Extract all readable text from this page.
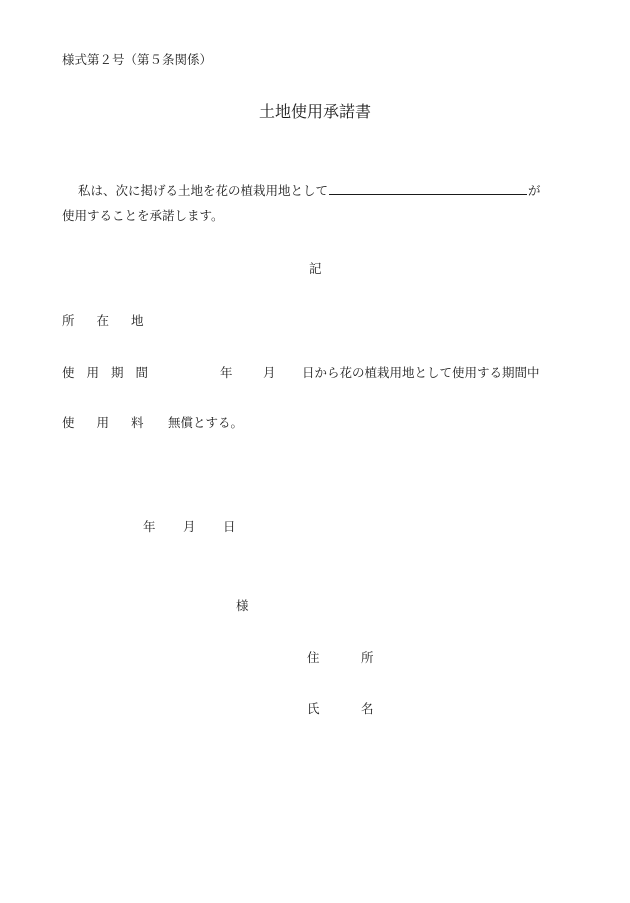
様式第２号（第５条関係）
土地使用承諾書
私は、次に掲げる土地を花の植栽用地として	が
使用することを承諾します。
記
所 在 地
使 用 期 間	年 月 日から花の植栽用地として使用する期間中
使 用 料 無償とする。
年 月 日
様
住	所
氏	名
